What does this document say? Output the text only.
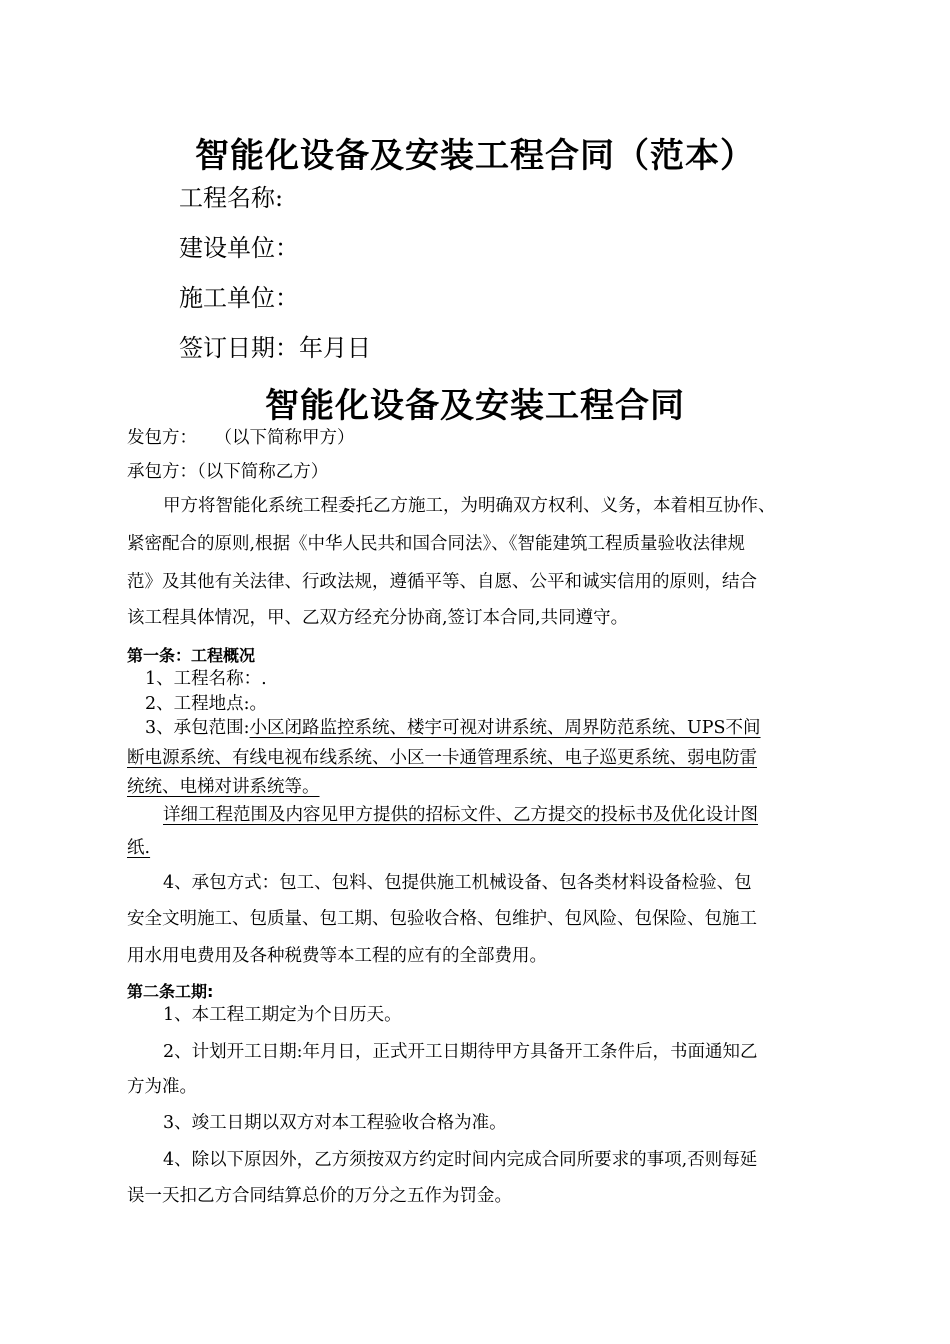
智能化设备及安装工程合同（范本）
工程名称:
建设单位：
施工单位：
签订日期：年月日
智能化设备及安装工程合同
发包方：　　（以下简称甲方）
承包方：（以下简称乙方）
甲方将智能化系统工程委托乙方施工，为明确双方权利、义务，本着相互协作、
紧密配合的原则,根据《中华人民共和国合同法》、《智能建筑工程质量验收法律规
范》及其他有关法律、行政法规，遵循平等、自愿、公平和诚实信用的原则，结合
该工程具体情况，甲、乙双方经充分协商,签订本合同,共同遵守。
第一条：工程概况
1、工程名称：.
2、工程地点:。
3、承包范围:小区闭路监控系统、楼宇可视对讲系统、周界防范系统、UPS不间
断电源系统、有线电视布线系统、小区一卡通管理系统、电子巡更系统、弱电防雷
统统、电梯对讲系统等。
详细工程范围及内容见甲方提供的招标文件、乙方提交的投标书及优化设计图
纸.
4、承包方式：包工、包料、包提供施工机械设备、包各类材料设备检验、包
安全文明施工、包质量、包工期、包验收合格、包维护、包风险、包保险、包施工
用水用电费用及各种税费等本工程的应有的全部费用。
第二条工期:
1、本工程工期定为个日历天。
2、计划开工日期:年月日，正式开工日期待甲方具备开工条件后，书面通知乙
方为准。
3、竣工日期以双方对本工程验收合格为准。
4、除以下原因外，乙方须按双方约定时间内完成合同所要求的事项,否则每延
误一天扣乙方合同结算总价的万分之五作为罚金。
